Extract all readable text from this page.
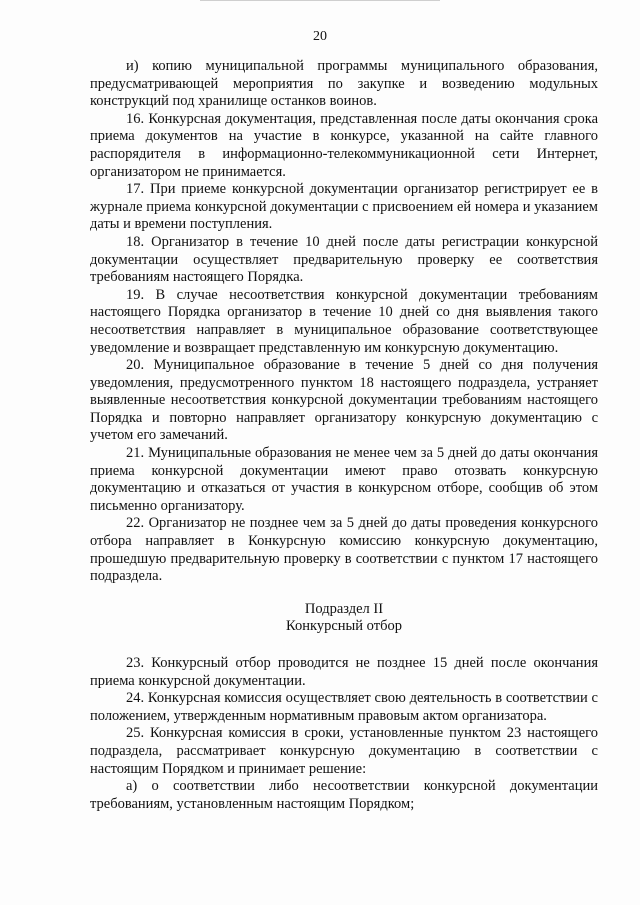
20

и) копию муниципальной программы муниципального образования, предусматривающей мероприятия по закупке и возведению модульных конструкций под хранилище останков воинов.

16. Конкурсная документация, представленная после даты окончания срока приема документов на участие в конкурсе, указанной на сайте главного распорядителя в информационно-телекоммуникационной сети Интернет, организатором не принимается.

17. При приеме конкурсной документации организатор регистрирует ее в журнале приема конкурсной документации с присвоением ей номера и указанием даты и времени поступления.

18. Организатор в течение 10 дней после даты регистрации конкурсной документации осуществляет предварительную проверку ее соответствия требованиям настоящего Порядка.

19. В случае несоответствия конкурсной документации требованиям настоящего Порядка организатор в течение 10 дней со дня выявления такого несоответствия направляет в муниципальное образование соответствующее уведомление и возвращает представленную им конкурсную документацию.

20. Муниципальное образование в течение 5 дней со дня получения уведомления, предусмотренного пунктом 18 настоящего подраздела, устраняет выявленные несоответствия конкурсной документации требованиям настоящего Порядка и повторно направляет организатору конкурсную документацию с учетом его замечаний.

21. Муниципальные образования не менее чем за 5 дней до даты окончания приема конкурсной документации имеют право отозвать конкурсную документацию и отказаться от участия в конкурсном отборе, сообщив об этом письменно организатору.

22. Организатор не позднее чем за 5 дней до даты проведения конкурсного отбора направляет в Конкурсную комиссию конкурсную документацию, прошедшую предварительную проверку в соответствии с пунктом 17 настоящего подраздела.

Подраздел II
Конкурсный отбор

23. Конкурсный отбор проводится не позднее 15 дней после окончания приема конкурсной документации.

24. Конкурсная комиссия осуществляет свою деятельность в соответствии с положением, утвержденным нормативным правовым актом организатора.

25. Конкурсная комиссия в сроки, установленные пунктом 23 настоящего подраздела, рассматривает конкурсную документацию в соответствии с настоящим Порядком и принимает решение:

а) о соответствии либо несоответствии конкурсной документации требованиям, установленным настоящим Порядком;
